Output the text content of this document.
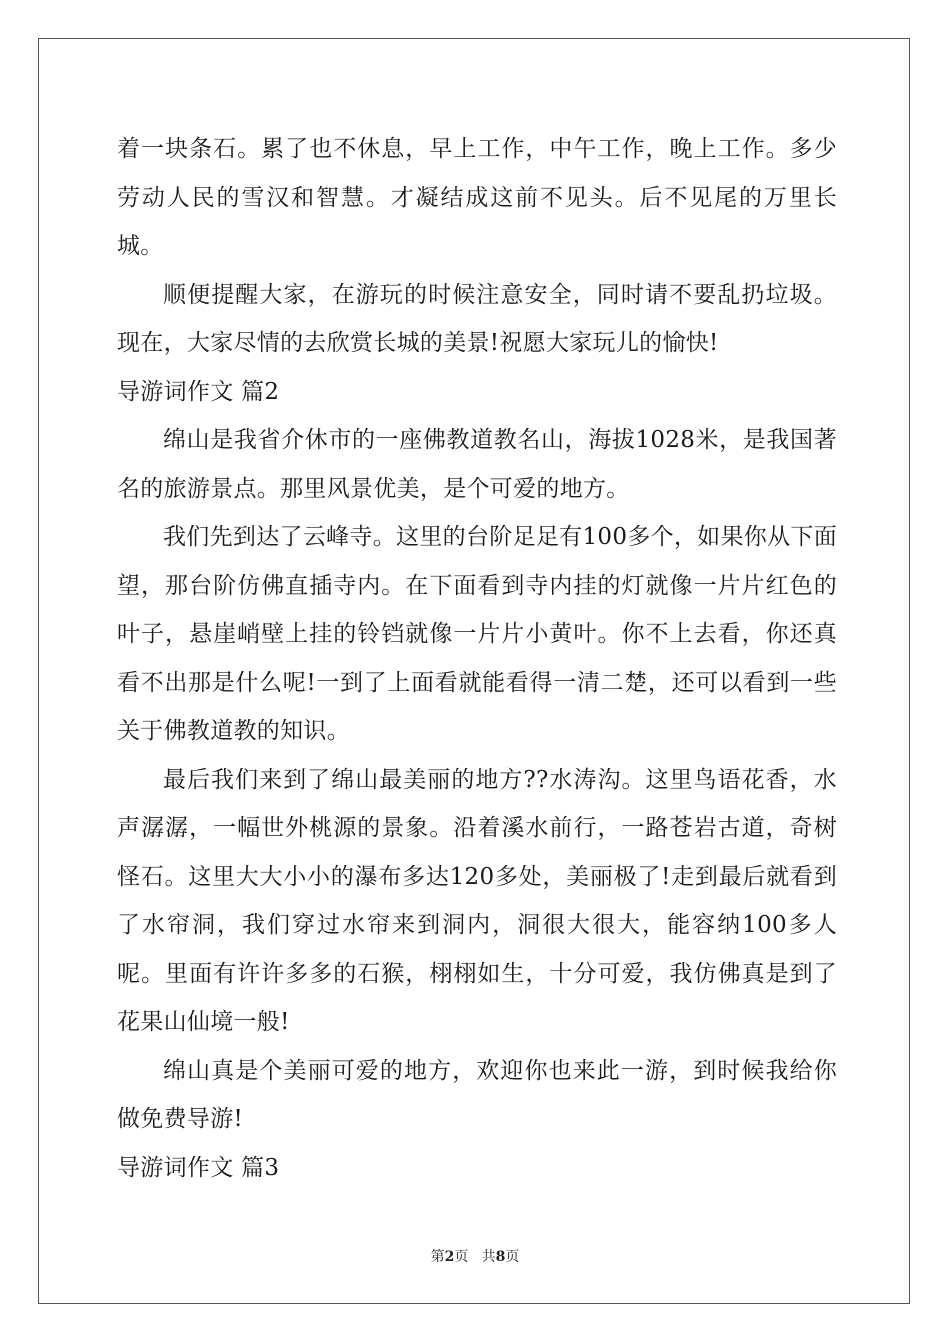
着一块条石。累了也不休息，早上工作，中午工作，晚上工作。多少劳动人民的雪汉和智慧。才凝结成这前不见头。后不见尾的万里长城。

顺便提醒大家，在游玩的时候注意安全，同时请不要乱扔垃圾。现在，大家尽情的去欣赏长城的美景!祝愿大家玩儿的愉快!

导游词作文 篇2

绵山是我省介休市的一座佛教道教名山，海拔1028米，是我国著名的旅游景点。那里风景优美，是个可爱的地方。

我们先到达了云峰寺。这里的台阶足足有100多个，如果你从下面望，那台阶仿佛直插寺内。在下面看到寺内挂的灯就像一片片红色的叶子，悬崖峭壁上挂的铃铛就像一片片小黄叶。你不上去看，你还真看不出那是什么呢!一到了上面看就能看得一清二楚，还可以看到一些关于佛教道教的知识。

最后我们来到了绵山最美丽的地方??水涛沟。这里鸟语花香，水声潺潺，一幅世外桃源的景象。沿着溪水前行，一路苍岩古道，奇树怪石。这里大大小小的瀑布多达120多处，美丽极了!走到最后就看到了水帘洞，我们穿过水帘来到洞内，洞很大很大，能容纳100多人呢。里面有许许多多的石猴，栩栩如生，十分可爱，我仿佛真是到了花果山仙境一般!

绵山真是个美丽可爱的地方，欢迎你也来此一游，到时候我给你做免费导游!

导游词作文 篇3

第2页 共8页
